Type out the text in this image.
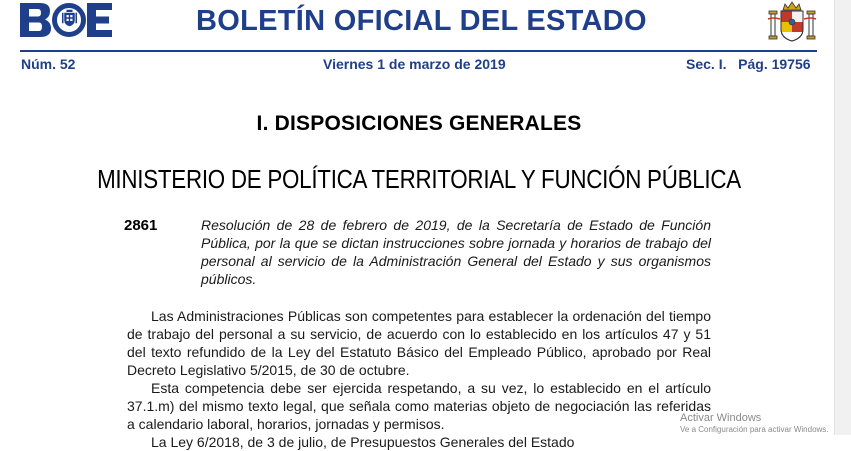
BOLETÍN OFICIAL DEL ESTADO
Núm. 52	Viernes 1 de marzo de 2019	Sec. I.   Pág. 19756
I. DISPOSICIONES GENERALES
MINISTERIO DE POLÍTICA TERRITORIAL Y FUNCIÓN PÚBLICA
2861	Resolución de 28 de febrero de 2019, de la Secretaría de Estado de Función Pública, por la que se dictan instrucciones sobre jornada y horarios de trabajo del personal al servicio de la Administración General del Estado y sus organismos públicos.
Las Administraciones Públicas son competentes para establecer la ordenación del tiempo de trabajo del personal a su servicio, de acuerdo con lo establecido en los artículos 47 y 51 del texto refundido de la Ley del Estatuto Básico del Empleado Público, aprobado por Real Decreto Legislativo 5/2015, de 30 de octubre.
Esta competencia debe ser ejercida respetando, a su vez, lo establecido en el artículo 37.1.m) del mismo texto legal, que señala como materias objeto de negociación las referidas a calendario laboral, horarios, jornadas y permisos.
La Ley 6/2018, de 3 de julio, de Presupuestos Generales del Estado
Activar Windows
Ve a Configuración para activar Windows.
